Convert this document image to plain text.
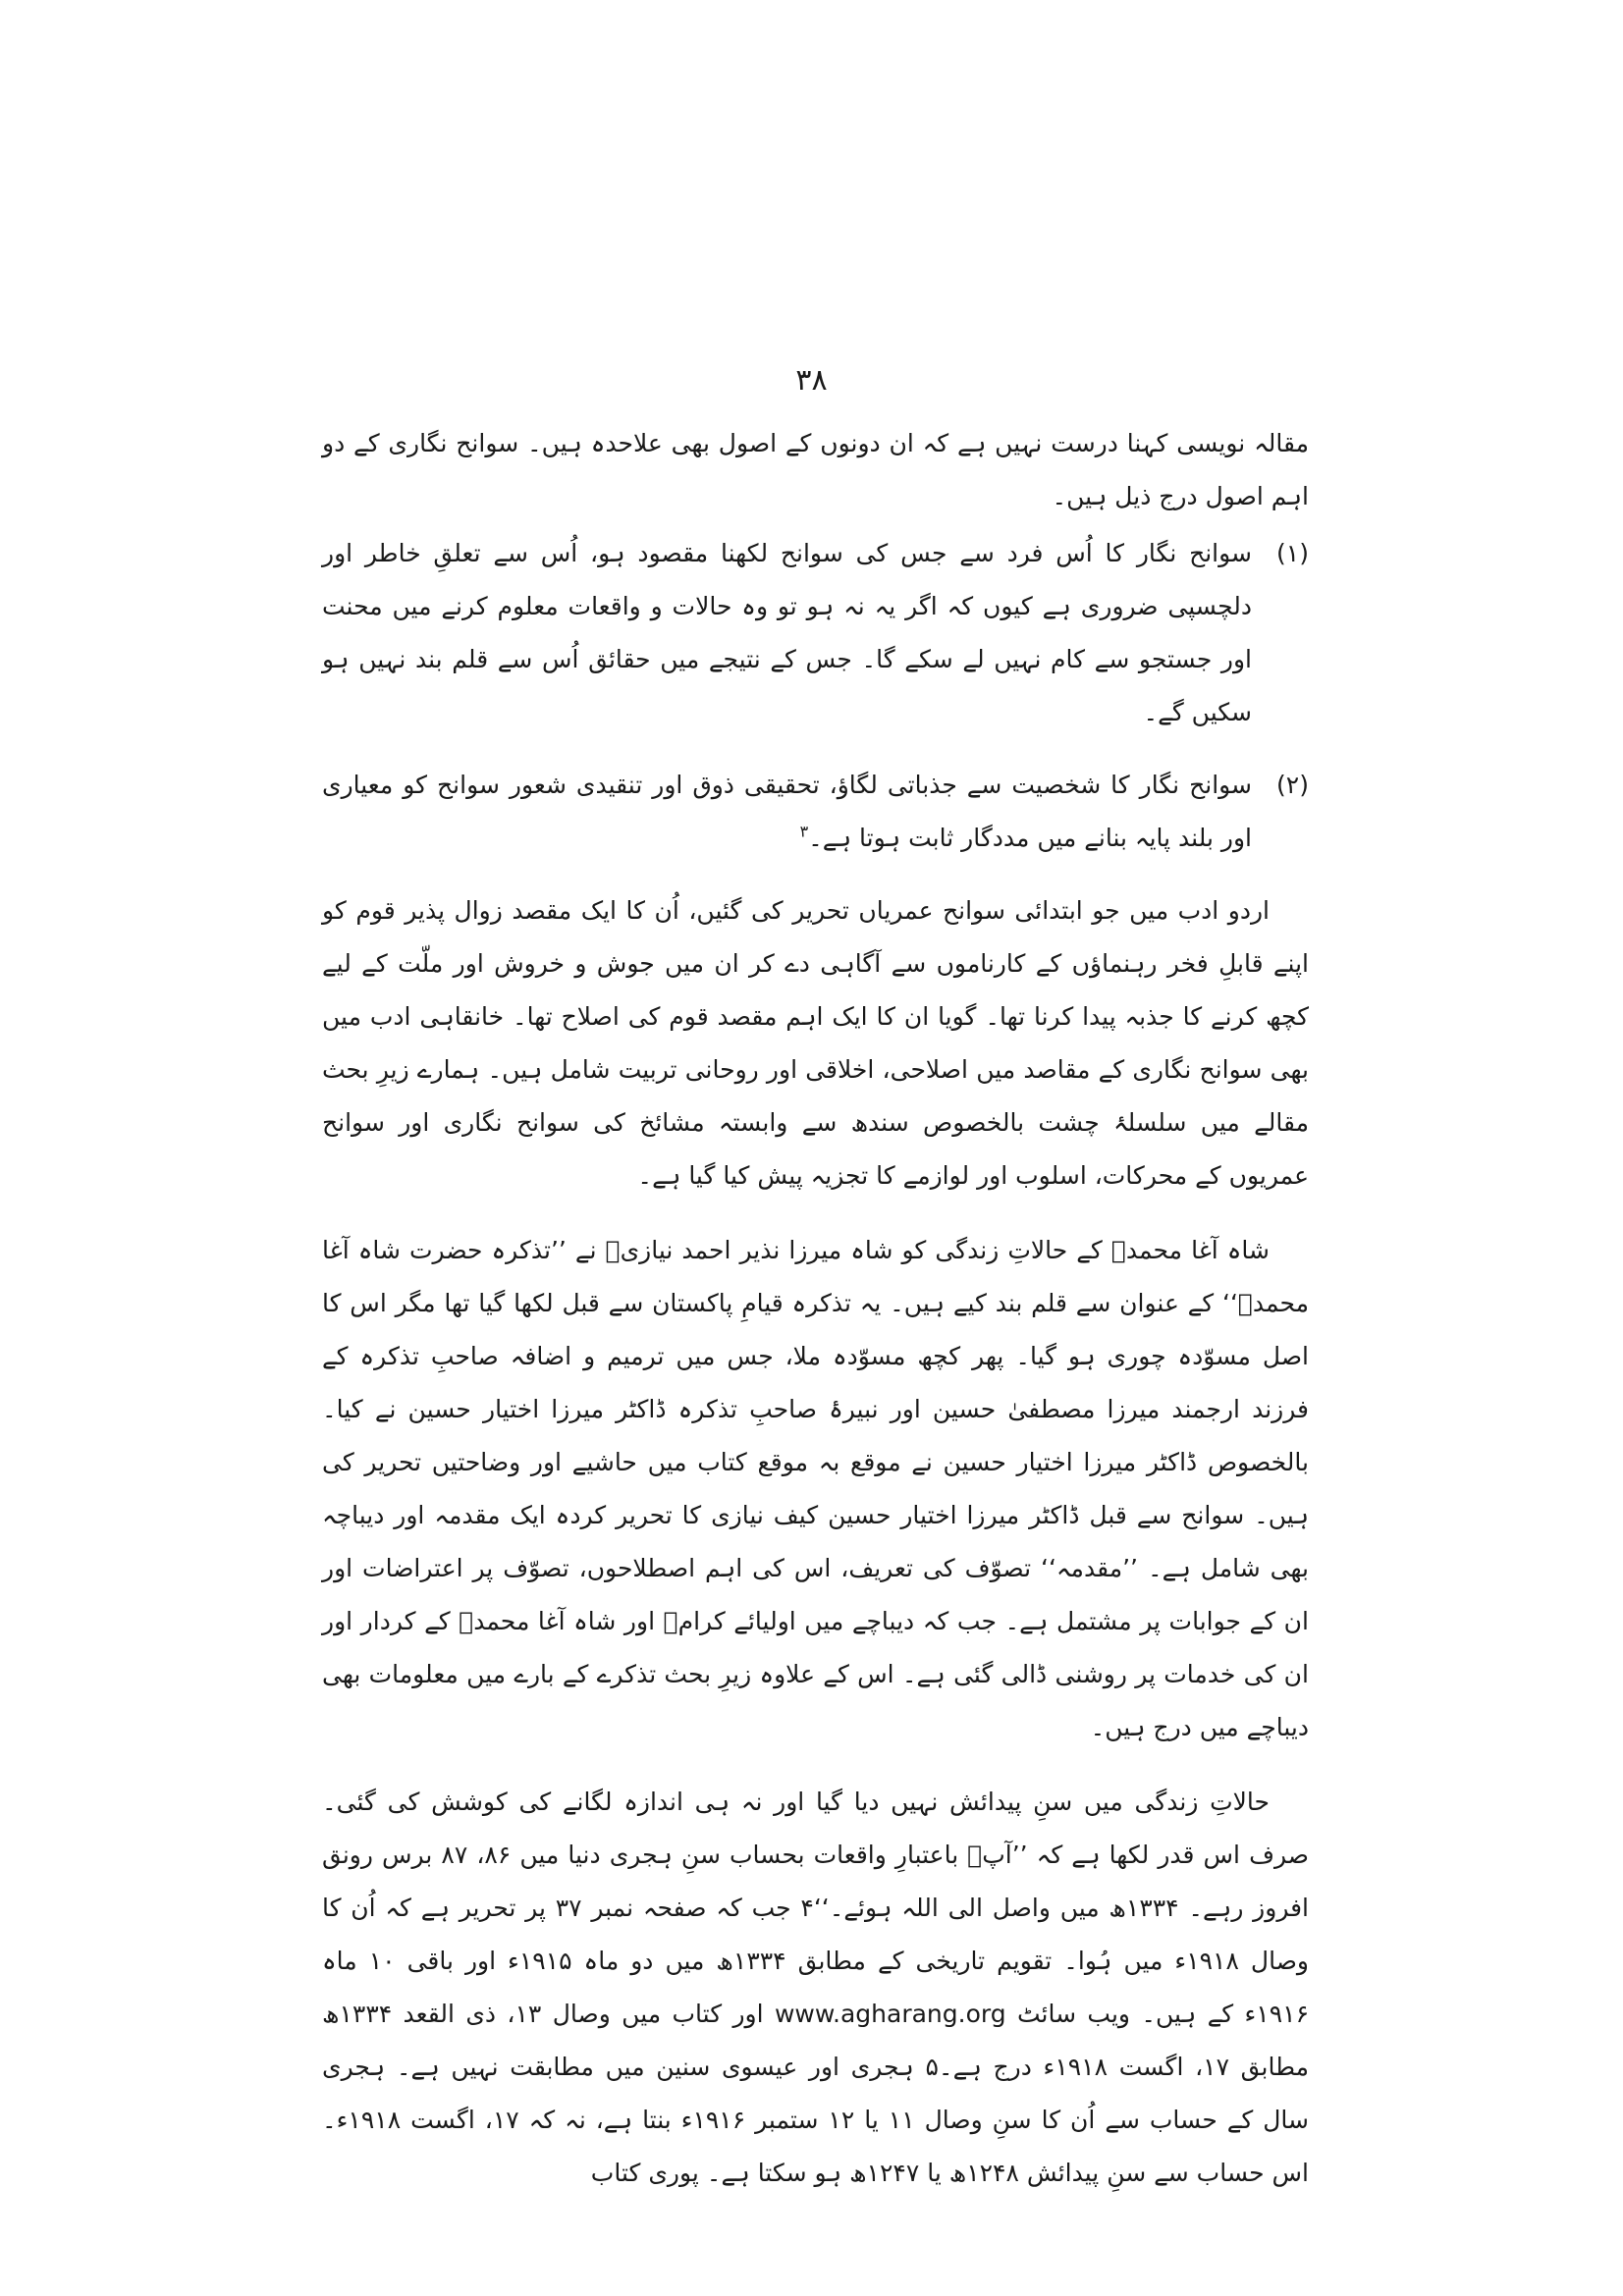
۳۸

مقالہ نویسی کہنا درست نہیں ہے کہ ان دونوں کے اصول بھی علاحدہ ہیں۔ سوانح نگاری کے دو اہم اصول درج ذیل ہیں۔

(۱)
سوانح نگار کا اُس فرد سے جس کی سوانح لکھنا مقصود ہو، اُس سے تعلقِ خاطر اور دلچسپی ضروری ہے کیوں کہ اگر یہ نہ ہو تو وہ حالات و واقعات معلوم کرنے میں محنت اور جستجو سے کام نہیں لے سکے گا۔ جس کے نتیجے میں حقائق اُس سے قلم بند نہیں ہو سکیں گے۔
(۲)
سوانح نگار کا شخصیت سے جذباتی لگاؤ، تحقیقی ذوق اور تنقیدی شعور سوانح کو معیاری اور بلند پایہ بنانے میں مددگار ثابت ہوتا ہے۔$^۳$

اردو ادب میں جو ابتدائی سوانح عمریاں تحریر کی گئیں، اُن کا ایک مقصد زوال پذیر قوم کو اپنے قابلِ فخر رہنماؤں کے کارناموں سے آگاہی دے کر ان میں جوش و خروش اور ملّت کے لیے کچھ کرنے کا جذبہ پیدا کرنا تھا۔ گویا ان کا ایک اہم مقصد قوم کی اصلاح تھا۔ خانقاہی ادب میں بھی سوانح نگاری کے مقاصد میں اصلاحی، اخلاقی اور روحانی تربیت شامل ہیں۔ ہمارے زیرِ بحث مقالے میں سلسلۂ چشت بالخصوص سندھ سے وابستہ مشائخ کی سوانح نگاری اور سوانح عمریوں کے محرکات، اسلوب اور لوازمے کا تجزیہ پیش کیا گیا ہے۔

شاہ آغا محمدؒ کے حالاتِ زندگی کو شاہ میرزا نذیر احمد نیازیؒ نے ’’تذکرہ حضرت شاہ آغا محمدؒ‘‘ کے عنوان سے قلم بند کیے ہیں۔ یہ تذکرہ قیامِ پاکستان سے قبل لکھا گیا تھا مگر اس کا اصل مسوّدہ چوری ہو گیا۔ پھر کچھ مسوّدہ ملا، جس میں ترمیم و اضافہ صاحبِ تذکرہ کے فرزند ارجمند میرزا مصطفیٰ حسین اور نبیرۂ صاحبِ تذکرہ ڈاکٹر میرزا اختیار حسین نے کیا۔ بالخصوص ڈاکٹر میرزا اختیار حسین نے موقع بہ موقع کتاب میں حاشیے اور وضاحتیں تحریر کی ہیں۔ سوانح سے قبل ڈاکٹر میرزا اختیار حسین کیف نیازی کا تحریر کردہ ایک مقدمہ اور دیباچہ بھی شامل ہے۔ ’’مقدمہ‘‘ تصوّف کی تعریف، اس کی اہم اصطلاحوں، تصوّف پر اعتراضات اور ان کے جوابات پر مشتمل ہے۔ جب کہ دیباچے میں اولیائے کرامؒ اور شاہ آغا محمدؒ کے کردار اور ان کی خدمات پر روشنی ڈالی گئی ہے۔ اس کے علاوہ زیرِ بحث تذکرے کے بارے میں معلومات بھی دیباچے میں درج ہیں۔

حالاتِ زندگی میں سنِ پیدائش نہیں دیا گیا اور نہ ہی اندازہ لگانے کی کوشش کی گئی۔ صرف اس قدر لکھا ہے کہ ’’آپؒ باعتبارِ واقعات بحساب سنِ ہجری دنیا میں ۸۶، ۸۷ برس رونق افروز رہے۔ ۱۳۳۴ھ میں واصل الی اللہ ہوئے۔‘‘۴ جب کہ صفحہ نمبر ۳۷ پر تحریر ہے کہ اُن کا وصال ۱۹۱۸ء میں ہُوا۔ تقویم تاریخی کے مطابق ۱۳۳۴ھ میں دو ماہ ۱۹۱۵ء اور باقی ۱۰ ماہ ۱۹۱۶ء کے ہیں۔ ویب سائٹ www.agharang.org اور کتاب میں وصال ۱۳، ذی القعد ۱۳۳۴ھ مطابق ۱۷، اگست ۱۹۱۸ء درج ہے۔۵ ہجری اور عیسوی سنین میں مطابقت نہیں ہے۔ ہجری سال کے حساب سے اُن کا سنِ وصال ۱۱ یا ۱۲ ستمبر ۱۹۱۶ء بنتا ہے، نہ کہ ۱۷، اگست ۱۹۱۸ء۔ اس حساب سے سنِ پیدائش ۱۲۴۸ھ یا ۱۲۴۷ھ ہو سکتا ہے۔ پوری کتاب
